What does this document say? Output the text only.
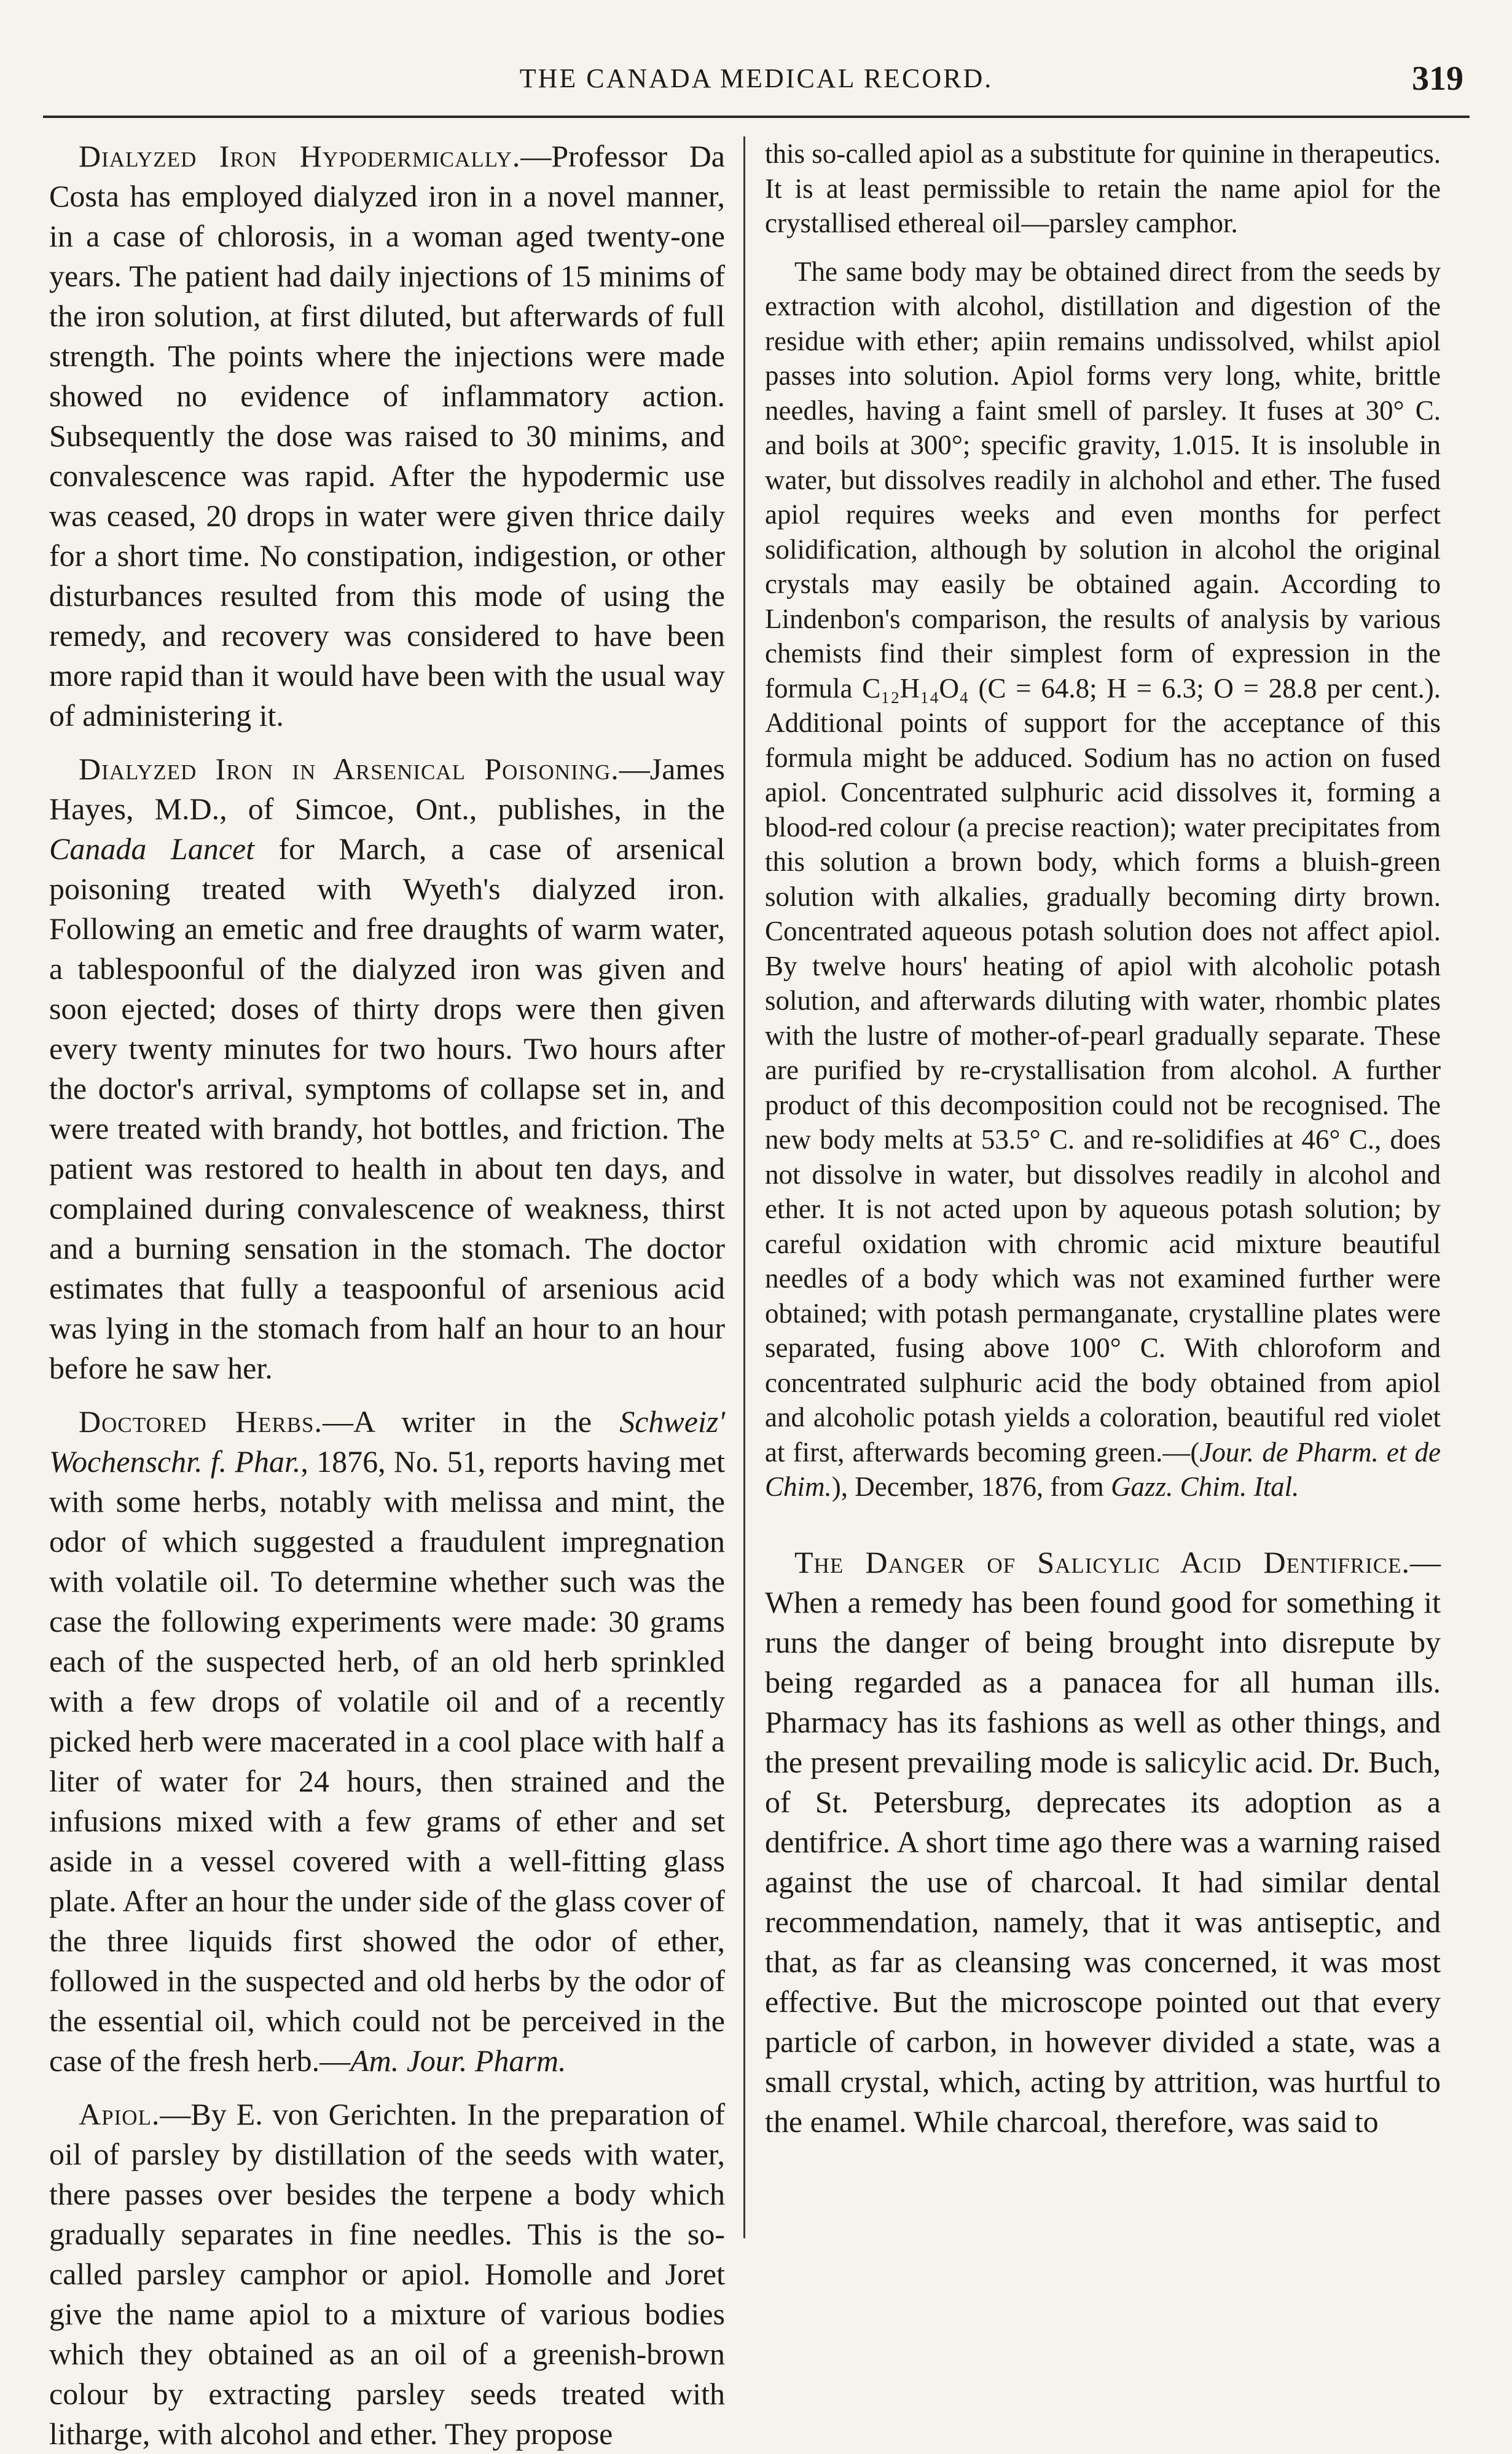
THE CANADA MEDICAL RECORD.	319

Dialyzed Iron Hypodermically.—Professor Da Costa has employed dialyzed iron in a novel manner, in a case of chlorosis, in a woman aged twenty-one years. The patient had daily injections of 15 minims of the iron solution, at first diluted, but afterwards of full strength. The points where the injections were made showed no evidence of inflammatory action. Subsequently the dose was raised to 30 minims, and convalescence was rapid. After the hypodermic use was ceased, 20 drops in water were given thrice daily for a short time. No constipation, indigestion, or other disturbances resulted from this mode of using the remedy, and recovery was considered to have been more rapid than it would have been with the usual way of administering it.

Dialyzed Iron in Arsenical Poisoning.—James Hayes, M.D., of Simcoe, Ont., publishes, in the Canada Lancet for March, a case of arsenical poisoning treated with Wyeth's dialyzed iron. Following an emetic and free draughts of warm water, a tablespoonful of the dialyzed iron was given and soon ejected; doses of thirty drops were then given every twenty minutes for two hours. Two hours after the doctor's arrival, symptoms of collapse set in, and were treated with brandy, hot bottles, and friction. The patient was restored to health in about ten days, and complained during convalescence of weakness, thirst and a burning sensation in the stomach. The doctor estimates that fully a teaspoonful of arsenious acid was lying in the stomach from half an hour to an hour before he saw her.

Doctored Herbs.—A writer in the Schweiz' Wochenschr. f. Phar., 1876, No. 51, reports having met with some herbs, notably with melissa and mint, the odor of which suggested a fraudulent impregnation with volatile oil. To determine whether such was the case the following experiments were made: 30 grams each of the suspected herb, of an old herb sprinkled with a few drops of volatile oil and of a recently picked herb were macerated in a cool place with half a liter of water for 24 hours, then strained and the infusions mixed with a few grams of ether and set aside in a vessel covered with a well-fitting glass plate. After an hour the under side of the glass cover of the three liquids first showed the odor of ether, followed in the suspected and old herbs by the odor of the essential oil, which could not be perceived in the case of the fresh herb.—Am. Jour. Pharm.

Apiol.—By E. von Gerichten. In the preparation of oil of parsley by distillation of the seeds with water, there passes over besides the terpene a body which gradually separates in fine needles. This is the so-called parsley camphor or apiol. Homolle and Joret give the name apiol to a mixture of various bodies which they obtained as an oil of a greenish-brown colour by extracting parsley seeds treated with litharge, with alcohol and ether. They propose

this so-called apiol as a substitute for quinine in therapeutics. It is at least permissible to retain the name apiol for the crystallised ethereal oil—parsley camphor.

The same body may be obtained direct from the seeds by extraction with alcohol, distillation and digestion of the residue with ether; apiin remains undissolved, whilst apiol passes into solution. Apiol forms very long, white, brittle needles, having a faint smell of parsley. It fuses at 30° C. and boils at 300°; specific gravity, 1.015. It is insoluble in water, but dissolves readily in alchohol and ether. The fused apiol requires weeks and even months for perfect solidification, although by solution in alcohol the original crystals may easily be obtained again. According to Lindenbon's comparison, the results of analysis by various chemists find their simplest form of expression in the formula C₁₂H₁₄O₄ (C = 64.8; H = 6.3; O = 28.8 per cent.). Additional points of support for the acceptance of this formula might be adduced. Sodium has no action on fused apiol. Concentrated sulphuric acid dissolves it, forming a blood-red colour (a precise reaction); water precipitates from this solution a brown body, which forms a bluish-green solution with alkalies, gradually becoming dirty brown. Concentrated aqueous potash solution does not affect apiol. By twelve hours' heating of apiol with alcoholic potash solution, and afterwards diluting with water, rhombic plates with the lustre of mother-of-pearl gradually separate. These are purified by re-crystallisation from alcohol. A further product of this decomposition could not be recognised. The new body melts at 53.5° C. and re-solidifies at 46° C., does not dissolve in water, but dissolves readily in alcohol and ether. It is not acted upon by aqueous potash solution; by careful oxidation with chromic acid mixture beautiful needles of a body which was not examined further were obtained; with potash permanganate, crystalline plates were separated, fusing above 100° C. With chloroform and concentrated sulphuric acid the body obtained from apiol and alcoholic potash yields a coloration, beautiful red violet at first, afterwards becoming green.—(Jour. de Pharm. et de Chim.), December, 1876, from Gazz. Chim. Ital.

The Danger of Salicylic Acid Dentifrice.—When a remedy has been found good for something it runs the danger of being brought into disrepute by being regarded as a panacea for all human ills. Pharmacy has its fashions as well as other things, and the present prevailing mode is salicylic acid. Dr. Buch, of St. Petersburg, deprecates its adoption as a dentifrice. A short time ago there was a warning raised against the use of charcoal. It had similar dental recommendation, namely, that it was antiseptic, and that, as far as cleansing was concerned, it was most effective. But the microscope pointed out that every particle of carbon, in however divided a state, was a small crystal, which, acting by attrition, was hurtful to the enamel. While charcoal, therefore, was said to
